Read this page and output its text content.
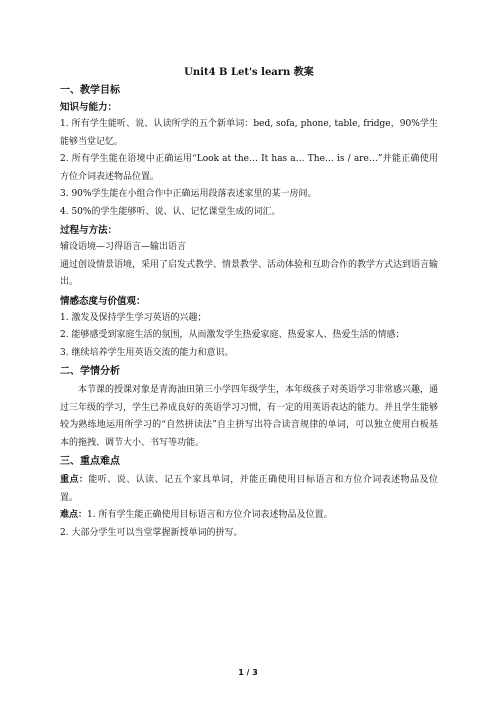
Unit4 B Let's learn 教案
一、教学目标
知识与能力：

1. 所有学生能听、说、认读所学的五个新单词：bed, sofa, phone, table, fridge，90%学生能够当堂记忆。

2. 所有学生能在语境中正确运用“Look at the… It has a… The… is / are…”并能正确使用方位介词表述物品位置。

3. 90%学生能在小组合作中正确运用段落表述家里的某一房间。

4. 50%的学生能够听、说、认、记忆课堂生成的词汇。

过程与方法：

辅设语境—习得语言—输出语言

通过创设情景语境，采用了启发式教学、情景教学、活动体验和互助合作的教学方式达到语言输出。

情感态度与价值观：

1. 激发及保持学生学习英语的兴趣；

2. 能够感受到家庭生活的氛围，从而激发学生热爱家庭、热爱家人、热爱生活的情感；

3. 继续培养学生用英语交流的能力和意识。

二、学情分析

本节课的授课对象是青海油田第三小学四年级学生，本年级孩子对英语学习非常感兴趣，通过三年级的学习，学生已养成良好的英语学习习惯，有一定的用英语表达的能力。并且学生能够较为熟练地运用所学习的“自然拼读法”自主拼写出符合读音规律的单词，可以独立使用白板基本的拖拽、调节大小、书写等功能。

三、重点难点

重点：能听、说、认读、记五个家具单词，并能正确使用目标语言和方位介词表述物品及位置。

难点：1. 所有学生能正确使用目标语言和方位介词表述物品及位置。

2. 大部分学生可以当堂掌握新授单词的拼写。

1 / 3
